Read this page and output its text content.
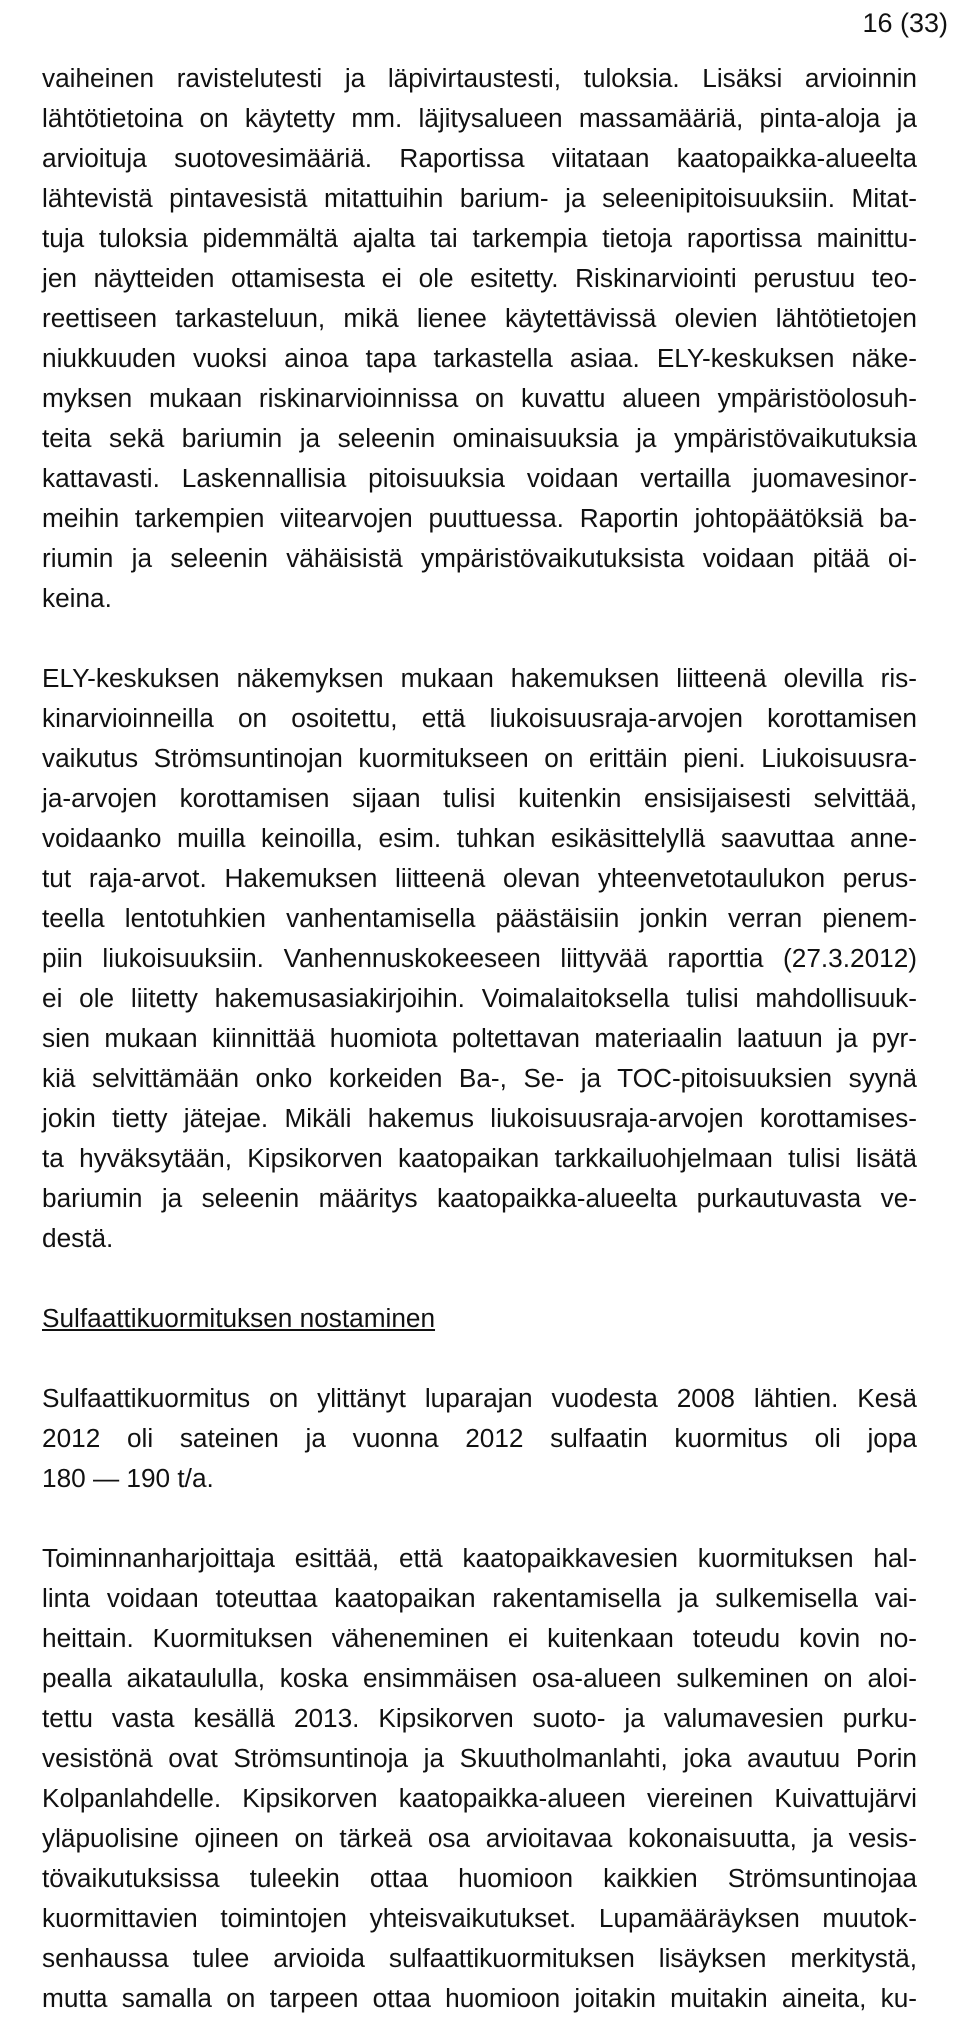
16 (33)
vaiheinen ravistelutesti ja läpivirtaustesti, tuloksia. Lisäksi arvioinnin
lähtötietoina on käytetty mm. läjitysalueen massamääriä, pinta-aloja ja
arvioituja suotovesimääriä. Raportissa viitataan kaatopaikka-alueelta
lähtevistä pintavesistä mitattuihin barium- ja seleenipitoisuuksiin. Mitat-
tuja tuloksia pidemmältä ajalta tai tarkempia tietoja raportissa mainittu-
jen näytteiden ottamisesta ei ole esitetty. Riskinarviointi perustuu teo-
reettiseen tarkasteluun, mikä lienee käytettävissä olevien lähtötietojen
niukkuuden vuoksi ainoa tapa tarkastella asiaa. ELY-keskuksen näke-
myksen mukaan riskinarvioinnissa on kuvattu alueen ympäristöolosuh-
teita sekä bariumin ja seleenin ominaisuuksia ja ympäristövaikutuksia
kattavasti. Laskennallisia pitoisuuksia voidaan vertailla juomavesinor-
meihin tarkempien viitearvojen puuttuessa. Raportin johtopäätöksiä ba-
riumin ja seleenin vähäisistä ympäristövaikutuksista voidaan pitää oi-
keina.
ELY-keskuksen näkemyksen mukaan hakemuksen liitteenä olevilla ris-
kinarvioinneilla on osoitettu, että liukoisuusraja-arvojen korottamisen
vaikutus Strömsuntinojan kuormitukseen on erittäin pieni. Liukoisuusra-
ja-arvojen korottamisen sijaan tulisi kuitenkin ensisijaisesti selvittää,
voidaanko muilla keinoilla, esim. tuhkan esikäsittelyllä saavuttaa anne-
tut raja-arvot. Hakemuksen liitteenä olevan yhteenvetotaulukon perus-
teella lentotuhkien vanhentamisella päästäisiin jonkin verran pienem-
piin liukoisuuksiin. Vanhennuskokeeseen liittyvää raporttia (27.3.2012)
ei ole liitetty hakemusasiakirjoihin. Voimalaitoksella tulisi mahdollisuuk-
sien mukaan kiinnittää huomiota poltettavan materiaalin laatuun ja pyr-
kiä selvittämään onko korkeiden Ba-, Se- ja TOC-pitoisuuksien syynä
jokin tietty jätejae. Mikäli hakemus liukoisuusraja-arvojen korottamises-
ta hyväksytään, Kipsikorven kaatopaikan tarkkailuohjelmaan tulisi lisätä
bariumin ja seleenin määritys kaatopaikka-alueelta purkautuvasta ve-
destä.
Sulfaattikuormituksen nostaminen
Sulfaattikuormitus on ylittänyt luparajan vuodesta 2008 lähtien. Kesä
2012 oli sateinen ja vuonna 2012 sulfaatin kuormitus oli jopa
180 — 190 t/a.
Toiminnanharjoittaja esittää, että kaatopaikkavesien kuormituksen hal-
linta voidaan toteuttaa kaatopaikan rakentamisella ja sulkemisella vai-
heittain. Kuormituksen väheneminen ei kuitenkaan toteudu kovin no-
pealla aikataululla, koska ensimmäisen osa-alueen sulkeminen on aloi-
tettu vasta kesällä 2013. Kipsikorven suoto- ja valumavesien purku-
vesistönä ovat Strömsuntinoja ja Skuutholmanlahti, joka avautuu Porin
Kolpanlahdelle. Kipsikorven kaatopaikka-alueen viereinen Kuivattujärvi
yläpuolisine ojineen on tärkeä osa arvioitavaa kokonaisuutta, ja vesis-
tövaikutuksissa tuleekin ottaa huomioon kaikkien Strömsuntinojaa
kuormittavien toimintojen yhteisvaikutukset. Lupamääräyksen muutok-
senhaussa tulee arvioida sulfaattikuormituksen lisäyksen merkitystä,
mutta samalla on tarpeen ottaa huomioon joitakin muitakin aineita, ku-
